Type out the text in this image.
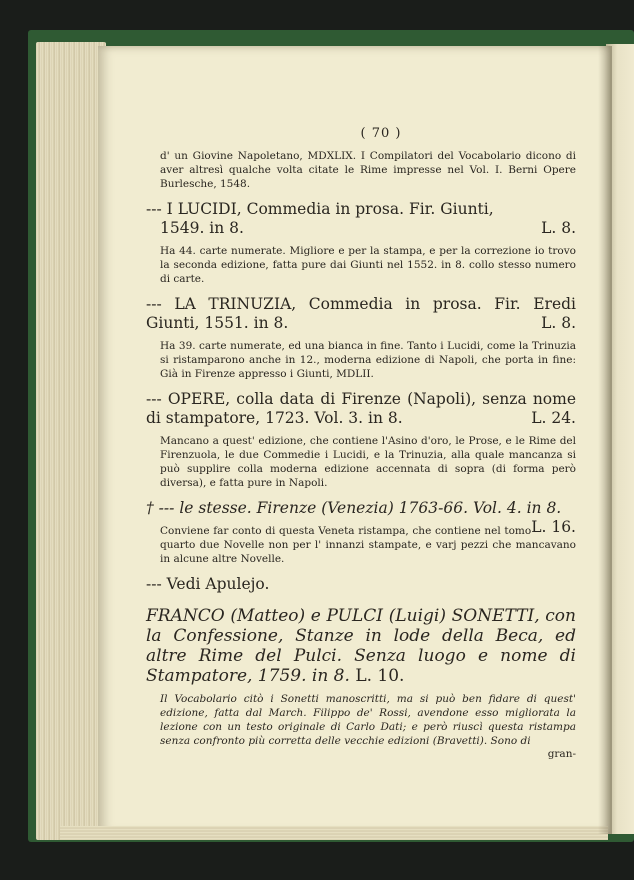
( 70 )

d' un Giovine Napoletano, MDXLIX. I Compilatori del Vocabolario dicono di aver altresì qualche volta citate le Rime impresse nel Vol. I. Berni Opere Burlesche, 1548.

--- I LUCIDI, Commedia in prosa. Fir. Giunti,
1549. in 8.	L. 8.

Ha 44. carte numerate. Migliore e per la stampa, e per la correzione io trovo la seconda edizione, fatta pure dai Giunti nel 1552. in 8. collo stesso numero di carte.

--- LA TRINUZIA, Commedia in prosa. Fir. Eredi Giunti, 1551. in 8.	L. 8.

Ha 39. carte numerate, ed una bianca in fine. Tanto i Lucidi, come la Trinuzia si ristamparono anche in 12., moderna edizione di Napoli, che porta in fine: Già in Firenze appresso i Giunti, MDLII.

--- OPERE, colla data di Firenze (Napoli), senza nome di stampatore, 1723. Vol. 3. in 8.	L. 24.

Mancano a quest' edizione, che contiene l'Asino d'oro, le Prose, e le Rime del Firenzuola, le due Commedie i Lucidi, e la Trinuzia, alla quale mancanza si può supplire colla moderna edizione accennata di sopra (di forma però diversa), e fatta pure in Napoli.

† --- le stesse. Firenze (Venezia) 1763-66. Vol. 4. in 8.
L. 16.

Conviene far conto di questa Veneta ristampa, che contiene nel tomo quarto due Novelle non per l' innanzi stampate, e varj pezzi che mancavano in alcune altre Novelle.

--- Vedi Apulejo.

FRANCO (Matteo) e PULCI (Luigi) SONETTI, con la Confessione, Stanze in lode della Beca, ed altre Rime del Pulci. Senza luogo e nome di Stampatore, 1759. in 8. L. 10.

Il Vocabolario citò i Sonetti manoscritti, ma si può ben fidare di quest' edizione, fatta dal March. Filippo de' Rossi, avendone esso migliorata la lezione con un testo originale di Carlo Dati; e però riuscì questa ristampa senza confronto più corretta delle vecchie edizioni (Bravetti). Sono di

gran-
